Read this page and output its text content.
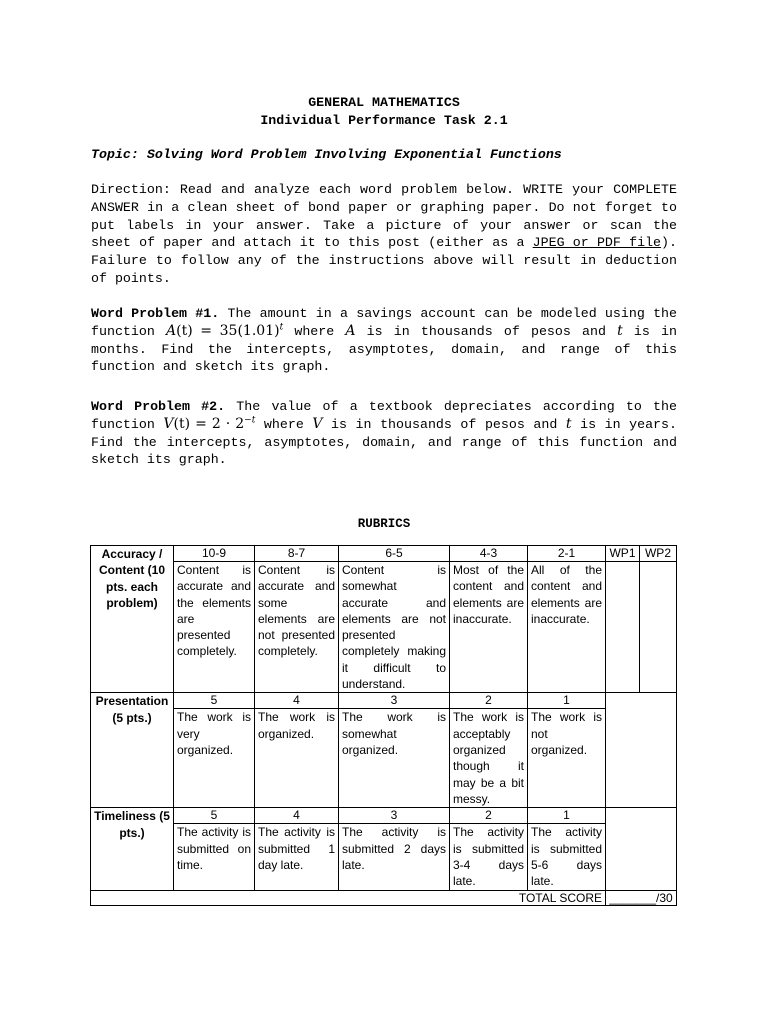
GENERAL MATHEMATICS
Individual Performance Task 2.1
Topic: Solving Word Problem Involving Exponential Functions
Direction: Read and analyze each word problem below. WRITE your COMPLETE ANSWER in a clean sheet of bond paper or graphing paper. Do not forget to put labels in your answer. Take a picture of your answer or scan the sheet of paper and attach it to this post (either as a JPEG or PDF file). Failure to follow any of the instructions above will result in deduction of points.
Word Problem #1. The amount in a savings account can be modeled using the function $A(t) = 35(1.01)^t$ where A is in thousands of pesos and t is in months. Find the intercepts, asymptotes, domain, and range of this function and sketch its graph.
Word Problem #2. The value of a textbook depreciates according to the function $V(t) = 2 \cdot 2^{-t}$ where V is in thousands of pesos and t is in years. Find the intercepts, asymptotes, domain, and range of this function and sketch its graph.
RUBRICS
Accuracy / Content (10 pts. each problem)	10-9	8-7	6-5	4-3	2-1	WP1	WP2
	Content is accurate and the elements are presented completely.	Content is accurate and some elements are not presented completely.	Content is somewhat accurate and elements are not presented completely making it difficult to understand.	Most of the content and elements are inaccurate.	All of the content and elements are inaccurate.		
Presentation (5 pts.)	5	4	3	2	1		
	The work is very organized.	The work is organized.	The work is somewhat organized.	The work is acceptably organized though it may be a bit messy.	The work is not organized.		
Timeliness (5 pts.)	5	4	3	2	1		
	The activity is submitted on time.	The activity is submitted 1 day late.	The activity is submitted 2 days late.	The activity is submitted 3-4 days late.	The activity is submitted 5-6 days late.		
TOTAL SCORE						_______/30	
